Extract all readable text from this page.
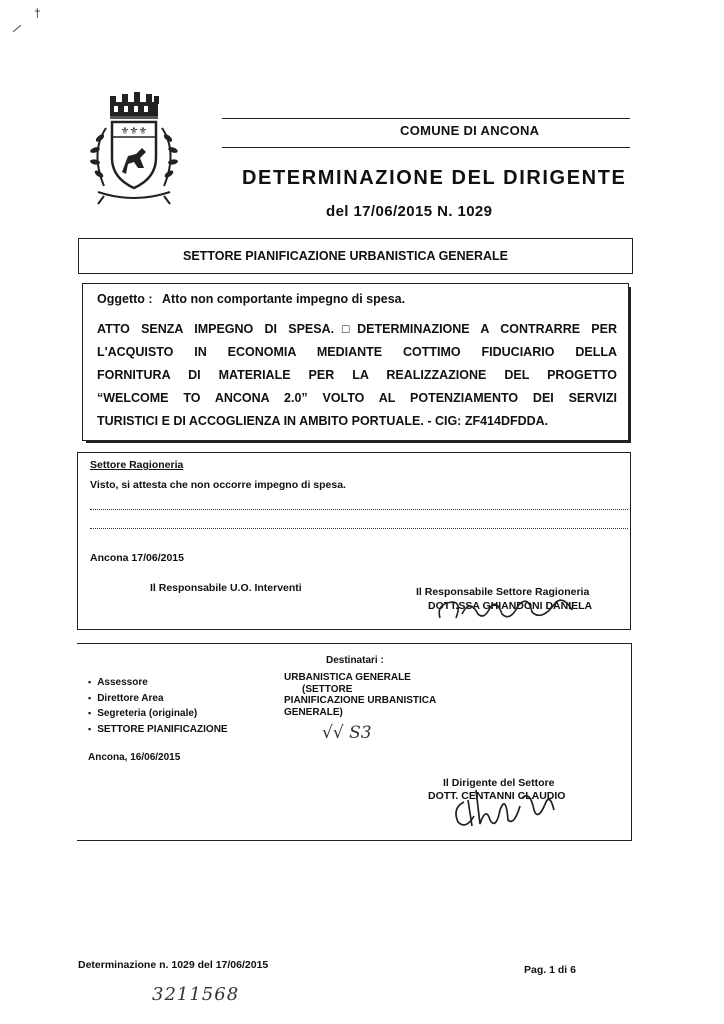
†
⚜⚜⚜	COMUNE DI ANCONA
DETERMINAZIONE DEL DIRIGENTE
del 17/06/2015 N. 1029
SETTORE PIANIFICAZIONE URBANISTICA GENERALE
Oggetto : Atto non comportante impegno di spesa.
ATTO SENZA IMPEGNO DI SPESA.□DETERMINAZIONE A CONTRARRE PER
L'ACQUISTO IN ECONOMIA MEDIANTE COTTIMO FIDUCIARIO DELLA
FORNITURA DI MATERIALE PER LA REALIZZAZIONE DEL PROGETTO
“WELCOME TO ANCONA 2.0” VOLTO AL POTENZIAMENTO DEI SERVIZI
TURISTICI E DI ACCOGLIENZA IN AMBITO PORTUALE. - CIG: ZF414DFDDA.
Settore Ragioneria
Visto, si attesta che non occorre impegno di spesa.
Ancona 17/06/2015
Il Responsabile U.O. Interventi	Il Responsabile Settore Ragioneria
DOTT.SSA GHIANDONI DANIELA
Destinatari :
▪ Assessore
▪ Direttore Area
▪ Segreteria (originale)
▪ SETTORE PIANIFICAZIONE
URBANISTICA GENERALE
(SETTORE
PIANIFICAZIONE URBANISTICA
GENERALE)
√√ S3
Ancona, 16/06/2015
Il Dirigente del Settore
DOTT. CENTANNI CLAUDIO
Determinazione n. 1029 del 17/06/2015	Pag. 1 di 6
3211568
